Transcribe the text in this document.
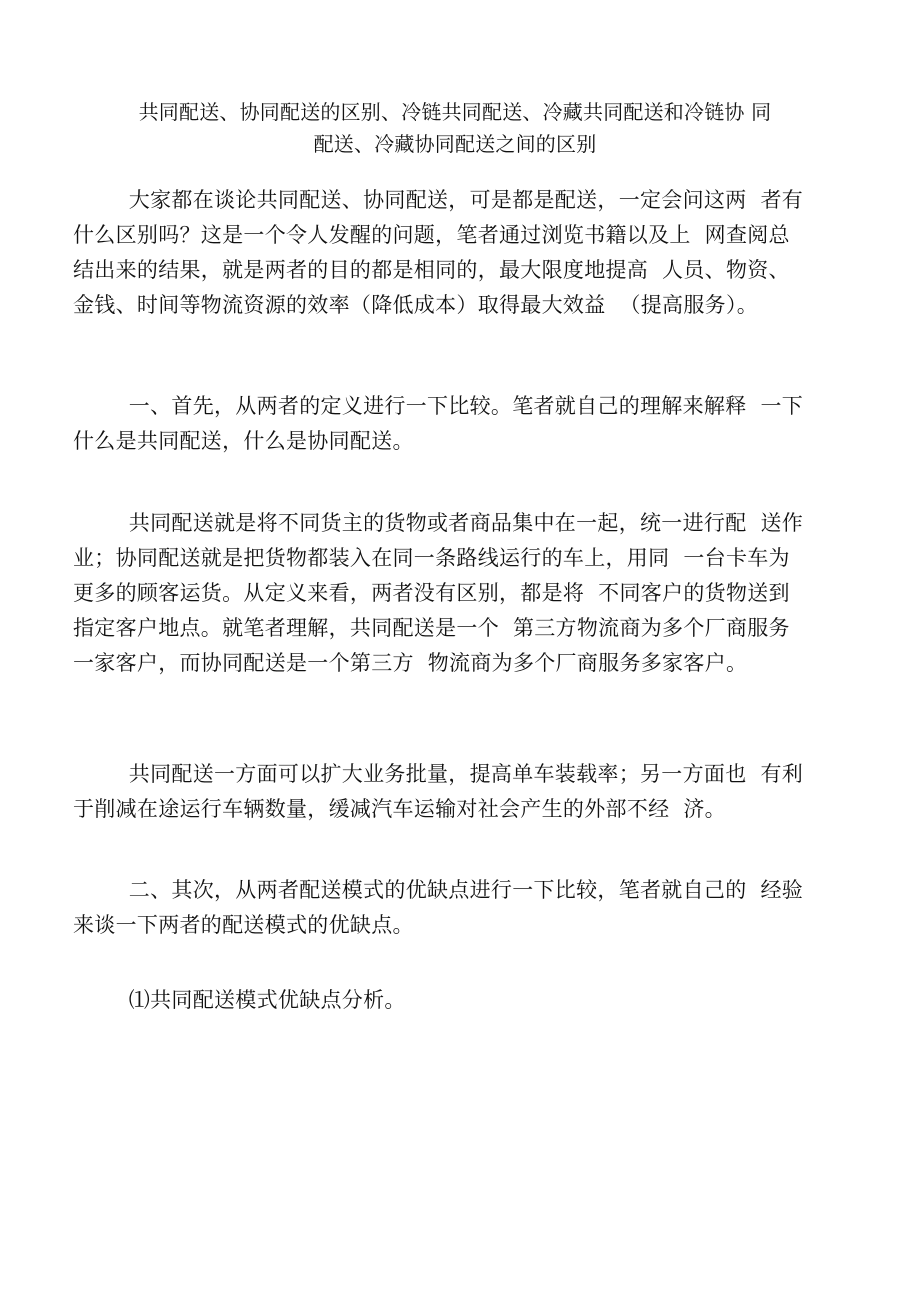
共同配送、协同配送的区别、冷链共同配送、冷藏共同配送和冷链协 同
配送、冷藏协同配送之间的区别
大家都在谈论共同配送、协同配送，可是都是配送，一定会问这两  者有
什么区别吗？这是一个令人发醒的问题，笔者通过浏览书籍以及上  网查阅总
结出来的结果，就是两者的目的都是相同的，最大限度地提高  人员、物资、
金钱、时间等物流资源的效率（降低成本）取得最大效益  （提高服务）。
一、首先，从两者的定义进行一下比较。笔者就自己的理解来解释  一下
什么是共同配送，什么是协同配送。
共同配送就是将不同货主的货物或者商品集中在一起，统一进行配  送作
业；协同配送就是把货物都装入在同一条路线运行的车上，用同  一台卡车为
更多的顾客运货。从定义来看，两者没有区别，都是将  不同客户的货物送到
指定客户地点。就笔者理解，共同配送是一个  第三方物流商为多个厂商服务
一家客户，而协同配送是一个第三方  物流商为多个厂商服务多家客户。
共同配送一方面可以扩大业务批量，提高单车装载率；另一方面也  有利
于削减在途运行车辆数量，缓减汽车运输对社会产生的外部不经  济。
二、其次，从两者配送模式的优缺点进行一下比较，笔者就自己的  经验
来谈一下两者的配送模式的优缺点。
⑴共同配送模式优缺点分析。
